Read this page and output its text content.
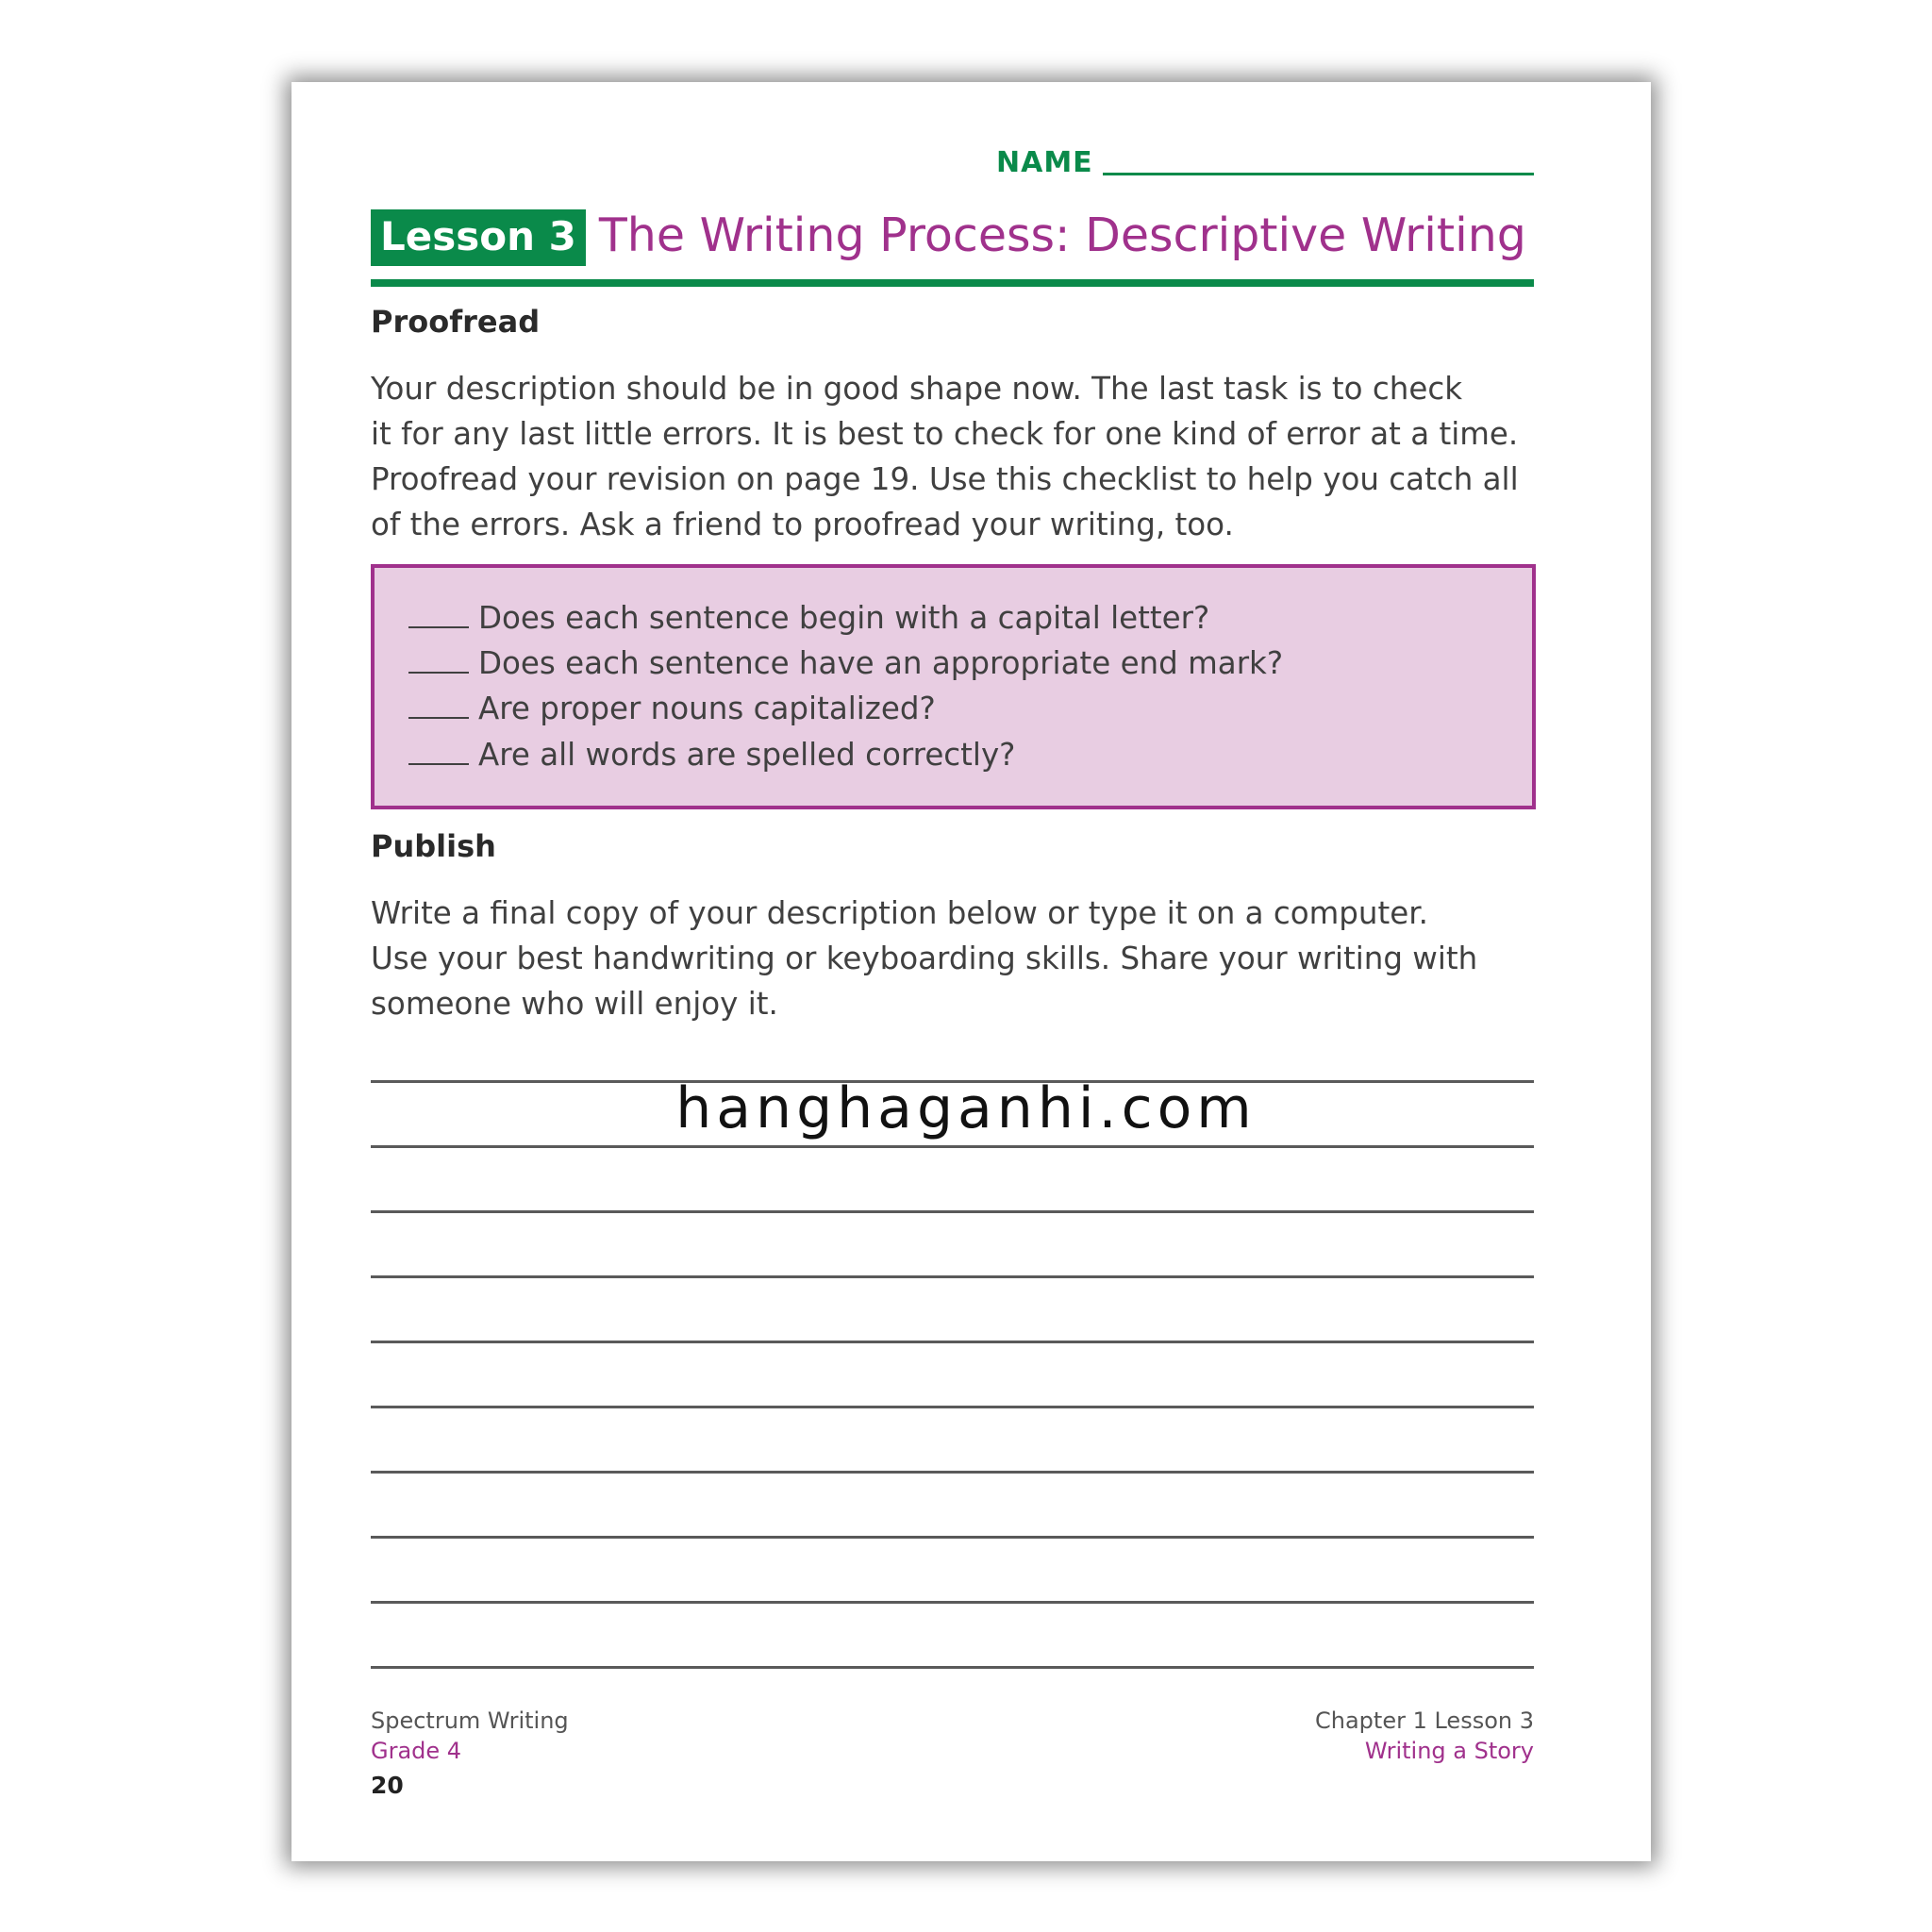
NAME
Lesson 3 The Writing Process: Descriptive Writing
Proofread
Your description should be in good shape now. The last task is to check
it for any last little errors. It is best to check for one kind of error at a time.
Proofread your revision on page 19. Use this checklist to help you catch all
of the errors. Ask a friend to proofread your writing, too.
Does each sentence begin with a capital letter?
Does each sentence have an appropriate end mark?
Are proper nouns capitalized?
Are all words are spelled correctly?
Publish
Write a final copy of your description below or type it on a computer.
Use your best handwriting or keyboarding skills. Share your writing with
someone who will enjoy it.
hanghaganhi.com
Spectrum Writing
Grade 4
20
Chapter 1 Lesson 3
Writing a Story
